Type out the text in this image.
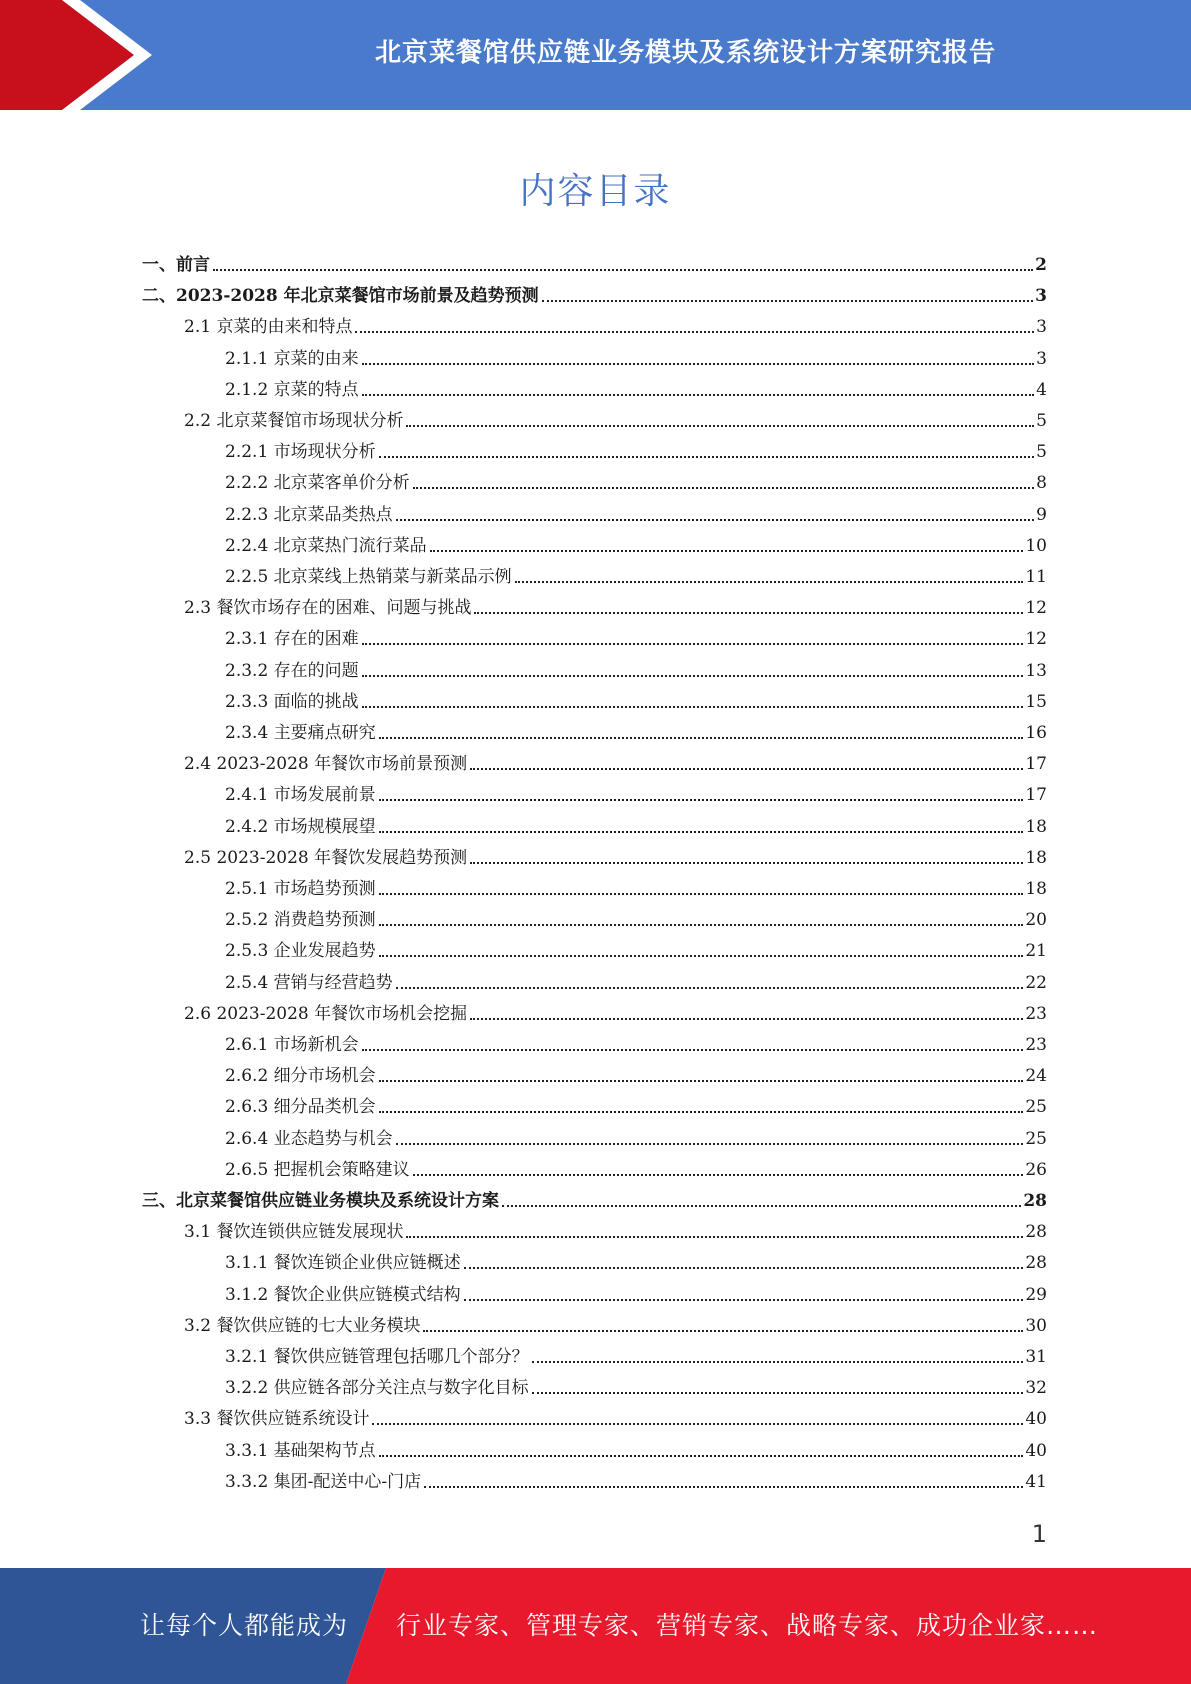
北京菜餐馆供应链业务模块及系统设计方案研究报告
内容目录
一、前言	2
二、2023-2028 年北京菜餐馆市场前景及趋势预测	3
2.1 京菜的由来和特点	3
2.1.1 京菜的由来	3
2.1.2 京菜的特点	4
2.2 北京菜餐馆市场现状分析	5
2.2.1 市场现状分析	5
2.2.2 北京菜客单价分析	8
2.2.3 北京菜品类热点	9
2.2.4 北京菜热门流行菜品	10
2.2.5 北京菜线上热销菜与新菜品示例	11
2.3 餐饮市场存在的困难、问题与挑战	12
2.3.1 存在的困难	12
2.3.2 存在的问题	13
2.3.3 面临的挑战	15
2.3.4 主要痛点研究	16
2.4 2023-2028 年餐饮市场前景预测	17
2.4.1 市场发展前景	17
2.4.2 市场规模展望	18
2.5 2023-2028 年餐饮发展趋势预测	18
2.5.1 市场趋势预测	18
2.5.2 消费趋势预测	20
2.5.3 企业发展趋势	21
2.5.4 营销与经营趋势	22
2.6 2023-2028 年餐饮市场机会挖掘	23
2.6.1 市场新机会	23
2.6.2 细分市场机会	24
2.6.3 细分品类机会	25
2.6.4 业态趋势与机会	25
2.6.5 把握机会策略建议	26
三、北京菜餐馆供应链业务模块及系统设计方案	28
3.1 餐饮连锁供应链发展现状	28
3.1.1 餐饮连锁企业供应链概述	28
3.1.2 餐饮企业供应链模式结构	29
3.2 餐饮供应链的七大业务模块	30
3.2.1 餐饮供应链管理包括哪几个部分？	31
3.2.2 供应链各部分关注点与数字化目标	32
3.3 餐饮供应链系统设计	40
3.3.1 基础架构节点	40
3.3.2 集团-配送中心-门店	41
1
让每个人都能成为 行业专家、管理专家、营销专家、战略专家、成功企业家……
